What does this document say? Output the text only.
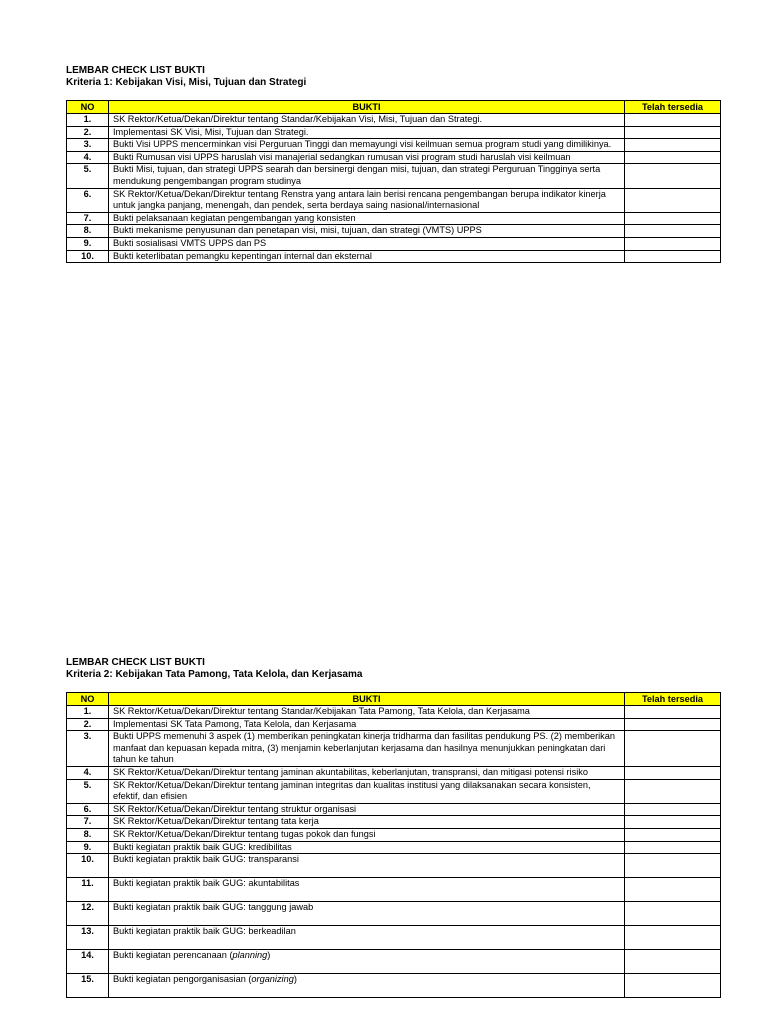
LEMBAR CHECK LIST BUKTI
Kriteria 1: Kebijakan Visi, Misi, Tujuan dan Strategi
NO	BUKTI	Telah tersedia
1.	SK Rektor/Ketua/Dekan/Direktur tentang Standar/Kebijakan Visi, Misi, Tujuan dan Strategi.	
2.	Implementasi SK Visi, Misi, Tujuan dan Strategi.	
3.	Bukti Visi UPPS mencerminkan visi Perguruan Tinggi dan memayungi visi keilmuan semua program studi yang dimilikinya.	
4.	Bukti Rumusan visi UPPS haruslah visi manajerial sedangkan rumusan visi program studi haruslah visi keilmuan	
5.	Bukti Misi, tujuan, dan strategi UPPS searah dan bersinergi dengan misi, tujuan, dan strategi Perguruan Tingginya serta mendukung pengembangan program studinya	
6.	SK Rektor/Ketua/Dekan/Direktur tentang Renstra yang antara lain berisi rencana pengembangan berupa indikator kinerja untuk jangka panjang, menengah, dan pendek, serta berdaya saing nasional/internasional	
7.	Bukti pelaksanaan kegiatan pengembangan yang konsisten	
8.	Bukti mekanisme penyusunan dan penetapan visi, misi, tujuan, dan strategi (VMTS) UPPS	
9.	Bukti sosialisasi VMTS UPPS dan PS	
10.	Bukti keterlibatan pemangku kepentingan internal dan eksternal	
LEMBAR CHECK LIST BUKTI
Kriteria 2: Kebijakan Tata Pamong, Tata Kelola, dan Kerjasama
NO	BUKTI	Telah tersedia
1.	SK Rektor/Ketua/Dekan/Direktur tentang Standar/Kebijakan Tata Pamong, Tata Kelola, dan Kerjasama	
2.	Implementasi SK Tata Pamong, Tata Kelola, dan Kerjasama	
3.	Bukti UPPS memenuhi 3 aspek (1) memberikan peningkatan kinerja tridharma dan fasilitas pendukung PS. (2) memberikan manfaat dan kepuasan kepada mitra, (3) menjamin keberlanjutan kerjasama dan hasilnya menunjukkan peningkatan dari tahun ke tahun	
4.	SK Rektor/Ketua/Dekan/Direktur tentang jaminan akuntabilitas, keberlanjutan, transpransi, dan mitigasi potensi risiko	
5.	SK Rektor/Ketua/Dekan/Direktur tentang jaminan integritas dan kualitas institusi yang dilaksanakan secara konsisten, efektif, dan efisien	
6.	SK Rektor/Ketua/Dekan/Direktur tentang struktur organisasi	
7.	SK Rektor/Ketua/Dekan/Direktur tentang tata kerja	
8.	SK Rektor/Ketua/Dekan/Direktur tentang tugas pokok dan fungsi	
9.	Bukti kegiatan praktik baik GUG: kredibilitas	
10.	Bukti kegiatan praktik baik GUG: transparansi	
11.	Bukti kegiatan praktik baik GUG: akuntabilitas	
12.	Bukti kegiatan praktik baik GUG: tanggung jawab	
13.	Bukti kegiatan praktik baik GUG: berkeadilan	
14.	Bukti kegiatan perencanaan (planning)	
15.	Bukti kegiatan pengorganisasian (organizing)	
